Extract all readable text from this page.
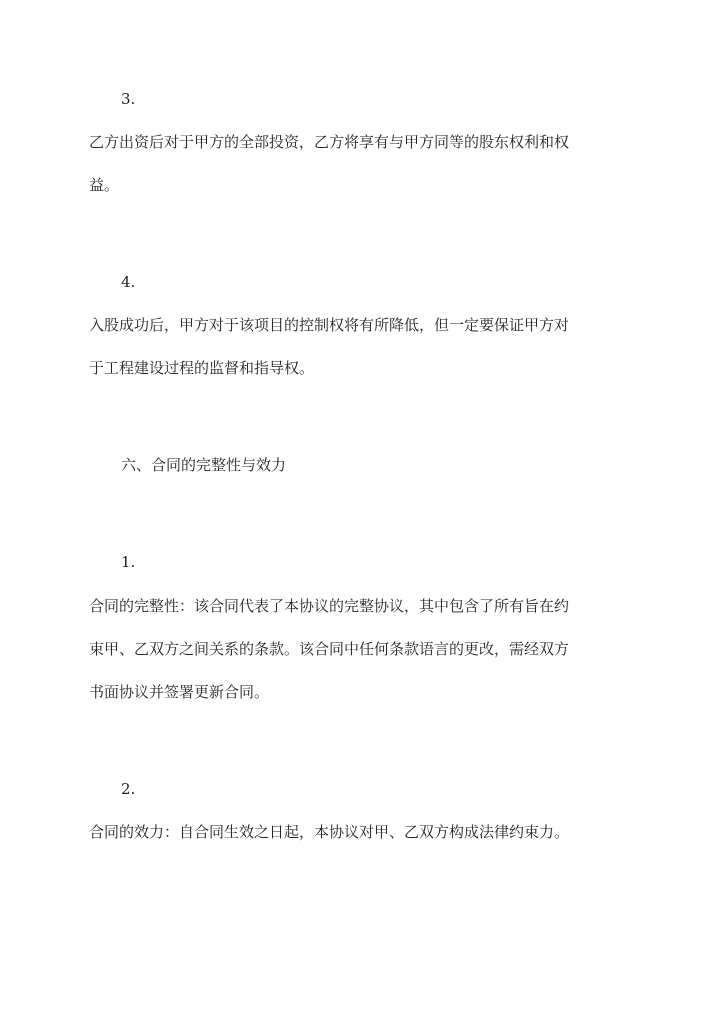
3.
乙方出资后对于甲方的全部投资，乙方将享有与甲方同等的股东权利和权
益。
4.
入股成功后，甲方对于该项目的控制权将有所降低，但一定要保证甲方对
于工程建设过程的监督和指导权。
六、合同的完整性与效力
1.
合同的完整性：该合同代表了本协议的完整协议，其中包含了所有旨在约
束甲、乙双方之间关系的条款。该合同中任何条款语言的更改，需经双方
书面协议并签署更新合同。
2.
合同的效力：自合同生效之日起，本协议对甲、乙双方构成法律约束力。
